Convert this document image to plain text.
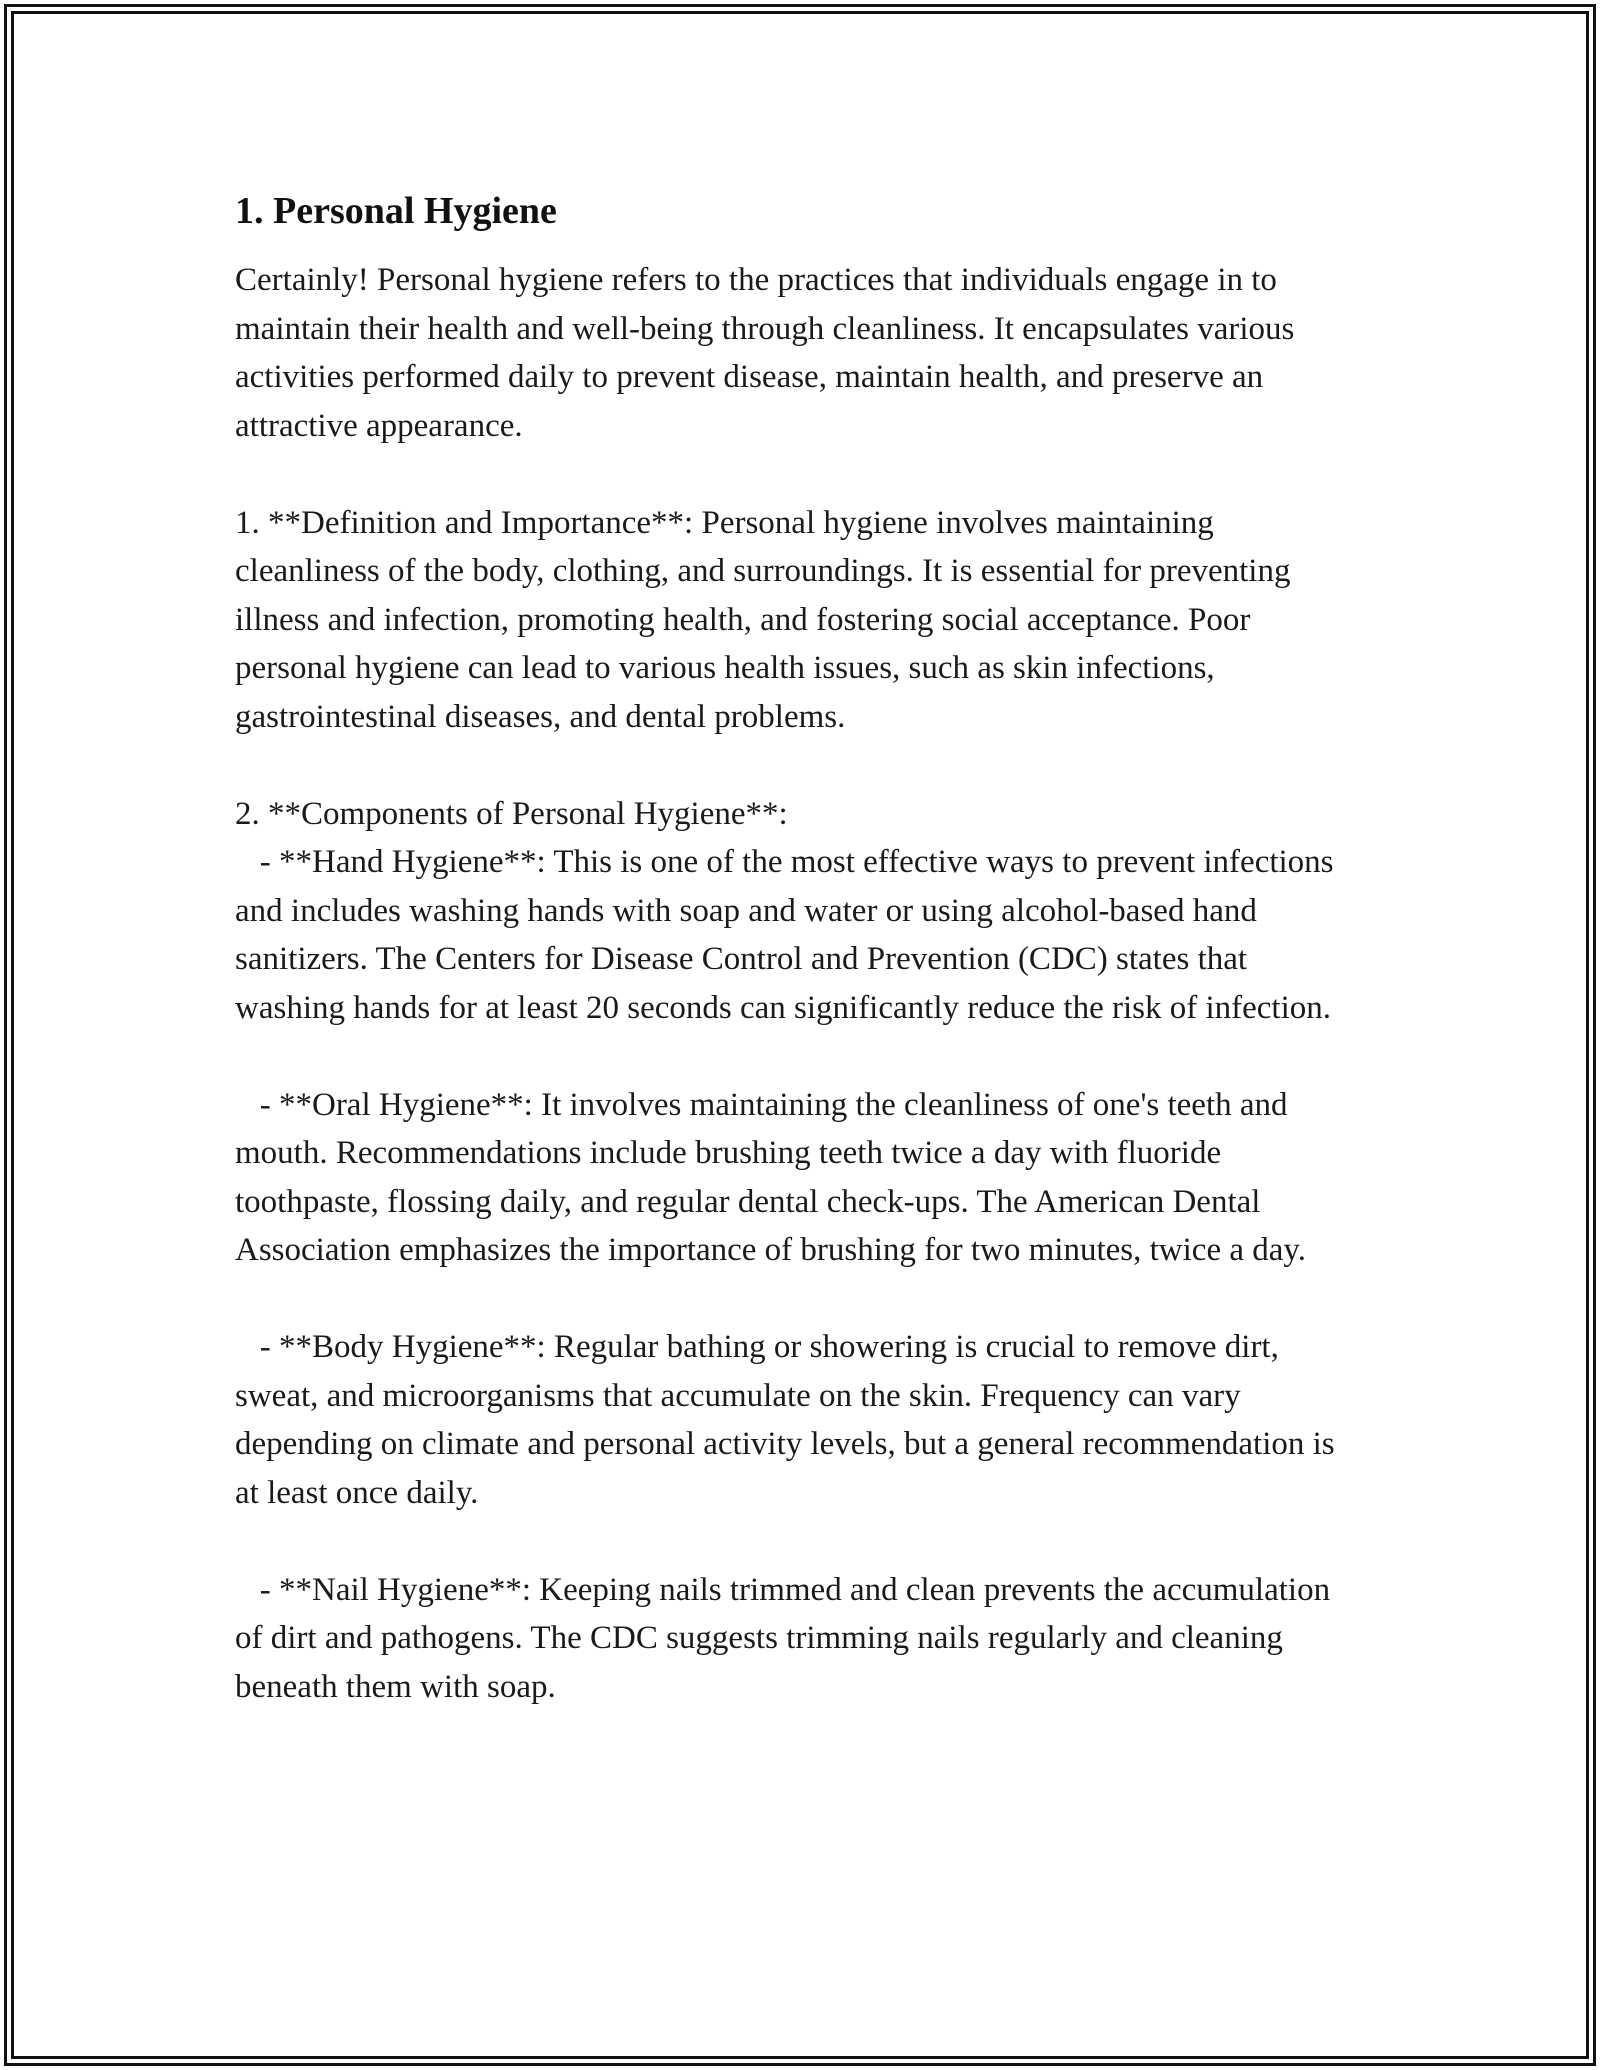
1. Personal Hygiene

Certainly! Personal hygiene refers to the practices that individuals engage in to maintain their health and well-being through cleanliness. It encapsulates various activities performed daily to prevent disease, maintain health, and preserve an attractive appearance.

1. **Definition and Importance**: Personal hygiene involves maintaining cleanliness of the body, clothing, and surroundings. It is essential for preventing illness and infection, promoting health, and fostering social acceptance. Poor personal hygiene can lead to various health issues, such as skin infections, gastrointestinal diseases, and dental problems.

2. **Components of Personal Hygiene**:
- **Hand Hygiene**: This is one of the most effective ways to prevent infections and includes washing hands with soap and water or using alcohol-based hand sanitizers. The Centers for Disease Control and Prevention (CDC) states that washing hands for at least 20 seconds can significantly reduce the risk of infection.

- **Oral Hygiene**: It involves maintaining the cleanliness of one's teeth and mouth. Recommendations include brushing teeth twice a day with fluoride toothpaste, flossing daily, and regular dental check-ups. The American Dental Association emphasizes the importance of brushing for two minutes, twice a day.

- **Body Hygiene**: Regular bathing or showering is crucial to remove dirt, sweat, and microorganisms that accumulate on the skin. Frequency can vary depending on climate and personal activity levels, but a general recommendation is at least once daily.

- **Nail Hygiene**: Keeping nails trimmed and clean prevents the accumulation of dirt and pathogens. The CDC suggests trimming nails regularly and cleaning beneath them with soap.
